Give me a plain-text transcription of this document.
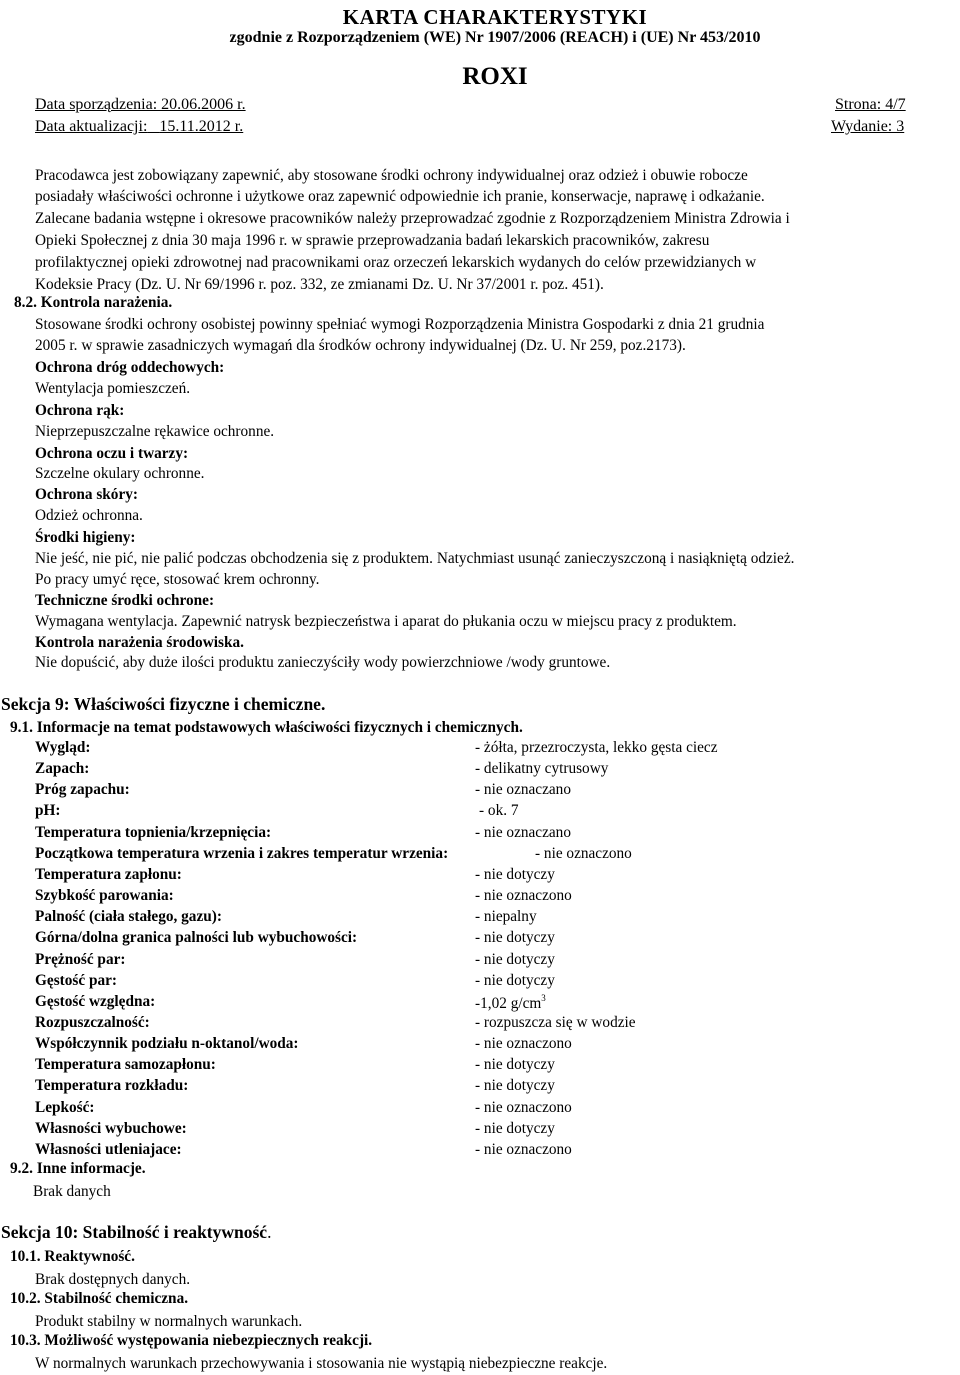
KARTA CHARAKTERYSTYKI
zgodnie z Rozporządzeniem (WE) Nr 1907/2006 (REACH) i (UE) Nr 453/2010
ROXI
Data sporządzenia: 20.06.2006 r.
Data aktualizacji: 15.11.2012 r.
Strona: 4/7
Wydanie: 3
Pracodawca jest zobowiązany zapewnić, aby stosowane środki ochrony indywidualnej oraz odzież i obuwie robocze
posiadały właściwości ochronne i użytkowe oraz zapewnić odpowiednie ich pranie, konserwacje, naprawę i odkażanie.
Zalecane badania wstępne i okresowe pracowników należy przeprowadzać zgodnie z Rozporządzeniem Ministra Zdrowia i
Opieki Społecznej z dnia 30 maja 1996 r. w sprawie przeprowadzania badań lekarskich pracowników, zakresu
profilaktycznej opieki zdrowotnej nad pracownikami oraz orzeczeń lekarskich wydanych do celów przewidzianych w
Kodeksie Pracy (Dz. U. Nr 69/1996 r. poz. 332, ze zmianami Dz. U. Nr 37/2001 r. poz. 451).
8.2. Kontrola narażenia.
Stosowane środki ochrony osobistej powinny spełniać wymogi Rozporządzenia Ministra Gospodarki z dnia 21 grudnia
2005 r. w sprawie zasadniczych wymagań dla środków ochrony indywidualnej (Dz. U. Nr 259, poz.2173).
Ochrona dróg oddechowych:
Wentylacja pomieszczeń.
Ochrona rąk:
Nieprzepuszczalne rękawice ochronne.
Ochrona oczu i twarzy:
Szczelne okulary ochronne.
Ochrona skóry:
Odzież ochronna.
Środki higieny:
Nie jeść, nie pić, nie palić podczas obchodzenia się z produktem. Natychmiast usunąć zanieczyszczoną i nasiąkniętą odzież.
Po pracy umyć ręce, stosować krem ochronny.
Techniczne środki ochrone:
Wymagana wentylacja. Zapewnić natrysk bezpieczeństwa i aparat do płukania oczu w miejscu pracy z produktem.
Kontrola narażenia środowiska.
Nie dopuścić, aby duże ilości produktu zanieczyściły wody powierzchniowe /wody gruntowe.
Sekcja 9: Właściwości fizyczne i chemiczne.
9.1. Informacje na temat podstawowych właściwości fizycznych i chemicznych.
Wygląd:	- żółta, przezroczysta, lekko gęsta ciecz
Zapach:	- delikatny cytrusowy
Próg zapachu:	- nie oznaczano
pH:	- ok. 7
Temperatura topnienia/krzepnięcia:	- nie oznaczano
Początkowa temperatura wrzenia i zakres temperatur wrzenia:	- nie oznaczono
Temperatura zapłonu:	- nie dotyczy
Szybkość parowania:	- nie oznaczono
Palność (ciała stałego, gazu):	- niepalny
Górna/dolna granica palności lub wybuchowości:	- nie dotyczy
Prężność par:	- nie dotyczy
Gęstość par:	- nie dotyczy
Gęstość względna:	-1,02 $g/cm^3$
Rozpuszczalność:	- rozpuszcza się w wodzie
Współczynnik podziału n-oktanol/woda:	- nie oznaczono
Temperatura samozapłonu:	- nie dotyczy
Temperatura rozkładu:	- nie dotyczy
Lepkość:	- nie oznaczono
Własności wybuchowe:	- nie dotyczy
Własności utleniajace:	- nie oznaczono
9.2. Inne informacje.
Brak danych
Sekcja 10: Stabilność i reaktywność.
10.1. Reaktywność.
Brak dostępnych danych.
10.2. Stabilność chemiczna.
Produkt stabilny w normalnych warunkach.
10.3. Możliwość występowania niebezpiecznych reakcji.
W normalnych warunkach przechowywania i stosowania nie wystąpią niebezpieczne reakcje.
